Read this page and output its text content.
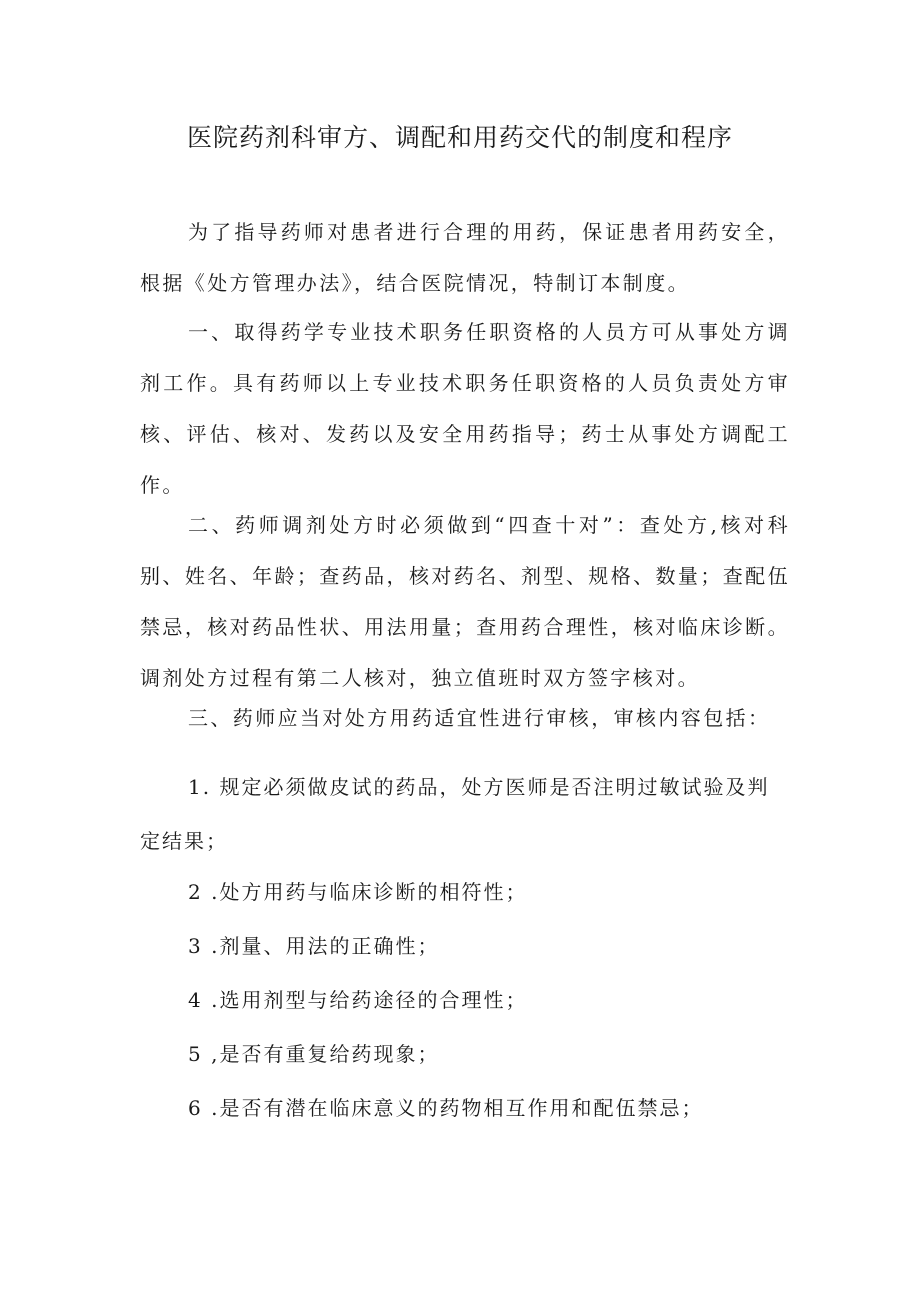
医院药剂科审方、调配和用药交代的制度和程序
为了指导药师对患者进行合理的用药，保证患者用药安全，根据《处方管理办法》，结合医院情况，特制订本制度。
一、取得药学专业技术职务任职资格的人员方可从事处方调剂工作。具有药师以上专业技术职务任职资格的人员负责处方审核、评估、核对、发药以及安全用药指导；药士从事处方调配工作。
二、药师调剂处方时必须做到“四查十对”：查处方,核对科别、姓名、年龄；查药品，核对药名、剂型、规格、数量；查配伍禁忌，核对药品性状、用法用量；查用药合理性，核对临床诊断。调剂处方过程有第二人核对，独立值班时双方签字核对。
三、药师应当对处方用药适宜性进行审核，审核内容包括：
1. 规定必须做皮试的药品，处方医师是否注明过敏试验及判定结果；
2 .处方用药与临床诊断的相符性；
3 .剂量、用法的正确性；
4 .选用剂型与给药途径的合理性；
5 ,是否有重复给药现象；
6 .是否有潜在临床意义的药物相互作用和配伍禁忌；
